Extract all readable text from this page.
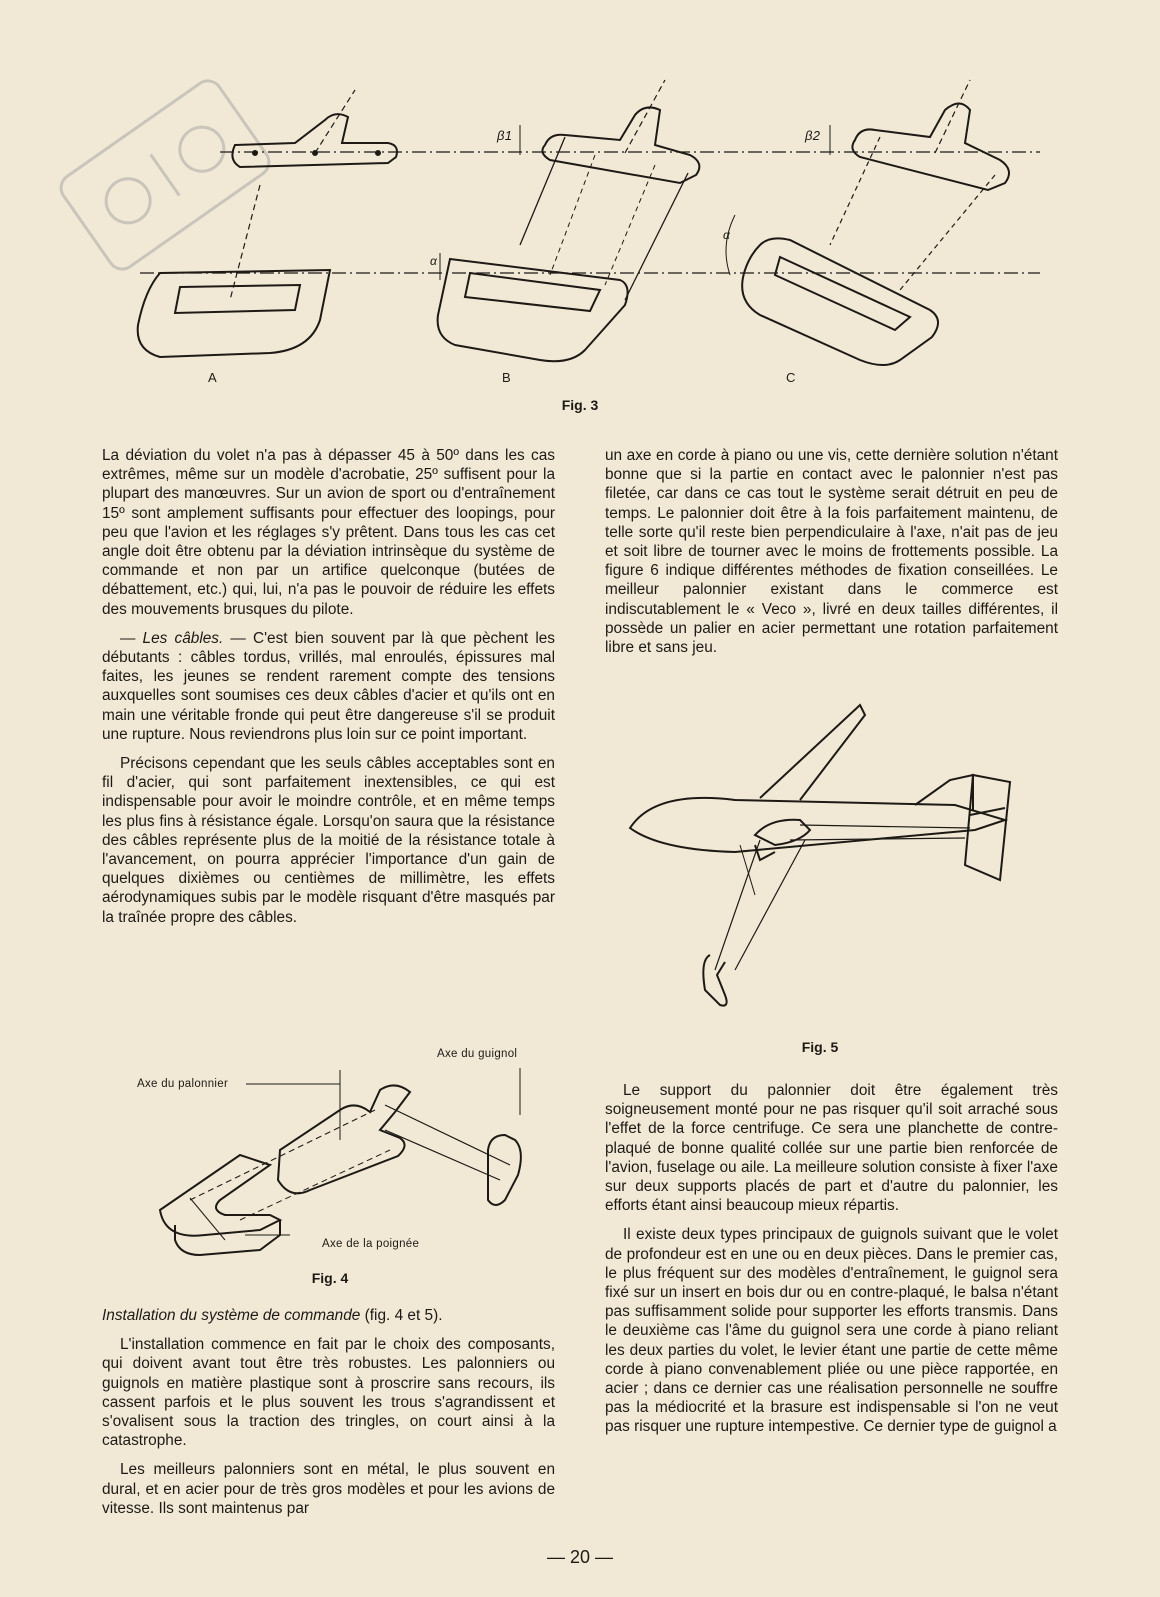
β1	β2
α
α
A	B	C
Fig. 3

La déviation du volet n'a pas à dépasser 45 à 50º dans les cas extrêmes, même sur un modèle d'acrobatie, 25º suffisent pour la plupart des manœuvres. Sur un avion de sport ou d'entraînement 15º sont amplement suffisants pour effectuer des loopings, pour peu que l'avion et les réglages s'y prêtent. Dans tous les cas cet angle doit être obtenu par la déviation intrinsèque du système de commande et non par un artifice quelconque (butées de débattement, etc.) qui, lui, n'a pas le pouvoir de réduire les effets des mouvements brusques du pilote.

— Les câbles. — C'est bien souvent par là que pèchent les débutants : câbles tordus, vrillés, mal enroulés, épissures mal faites, les jeunes se rendent rarement compte des tensions auxquelles sont soumises ces deux câbles d'acier et qu'ils ont en main une véritable fronde qui peut être dangereuse s'il se produit une rupture. Nous reviendrons plus loin sur ce point important.

Précisons cependant que les seuls câbles acceptables sont en fil d'acier, qui sont parfaitement inextensibles, ce qui est indispensable pour avoir le moindre contrôle, et en même temps les plus fins à résistance égale. Lorsqu'on saura que la résistance des câbles représente plus de la moitié de la résistance totale à l'avancement, on pourra apprécier l'importance d'un gain de quelques dixièmes ou centièmes de millimètre, les effets aérodynamiques subis par le modèle risquant d'être masqués par la traînée propre des câbles.

Axe du palonnier
Axe du guignol
Axe de la poignée
Fig. 4

Installation du système de commande (fig. 4 et 5).

L'installation commence en fait par le choix des composants, qui doivent avant tout être très robustes. Les palonniers ou guignols en matière plastique sont à proscrire sans recours, ils cassent parfois et le plus souvent les trous s'agrandissent et s'ovalisent sous la traction des tringles, on court ainsi à la catastrophe.

Les meilleurs palonniers sont en métal, le plus souvent en dural, et en acier pour de très gros modèles et pour les avions de vitesse. Ils sont maintenus par

un axe en corde à piano ou une vis, cette dernière solution n'étant bonne que si la partie en contact avec le palonnier n'est pas filetée, car dans ce cas tout le système serait détruit en peu de temps. Le palonnier doit être à la fois parfaitement maintenu, de telle sorte qu'il reste bien perpendiculaire à l'axe, n'ait pas de jeu et soit libre de tourner avec le moins de frottements possible. La figure 6 indique différentes méthodes de fixation conseillées. Le meilleur palonnier existant dans le commerce est indiscutablement le « Veco », livré en deux tailles différentes, il possède un palier en acier permettant une rotation parfaitement libre et sans jeu.

Fig. 5

Le support du palonnier doit être également très soigneusement monté pour ne pas risquer qu'il soit arraché sous l'effet de la force centrifuge. Ce sera une planchette de contre-plaqué de bonne qualité collée sur une partie bien renforcée de l'avion, fuselage ou aile. La meilleure solution consiste à fixer l'axe sur deux supports placés de part et d'autre du palonnier, les efforts étant ainsi beaucoup mieux répartis.

Il existe deux types principaux de guignols suivant que le volet de profondeur est en une ou en deux pièces. Dans le premier cas, le plus fréquent sur des modèles d'entraînement, le guignol sera fixé sur un insert en bois dur ou en contre-plaqué, le balsa n'étant pas suffisamment solide pour supporter les efforts transmis. Dans le deuxième cas l'âme du guignol sera une corde à piano reliant les deux parties du volet, le levier étant une partie de cette même corde à piano convenablement pliée ou une pièce rapportée, en acier ; dans ce dernier cas une réalisation personnelle ne souffre pas la médiocrité et la brasure est indispensable si l'on ne veut pas risquer une rupture intempestive. Ce dernier type de guignol a

— 20 —
